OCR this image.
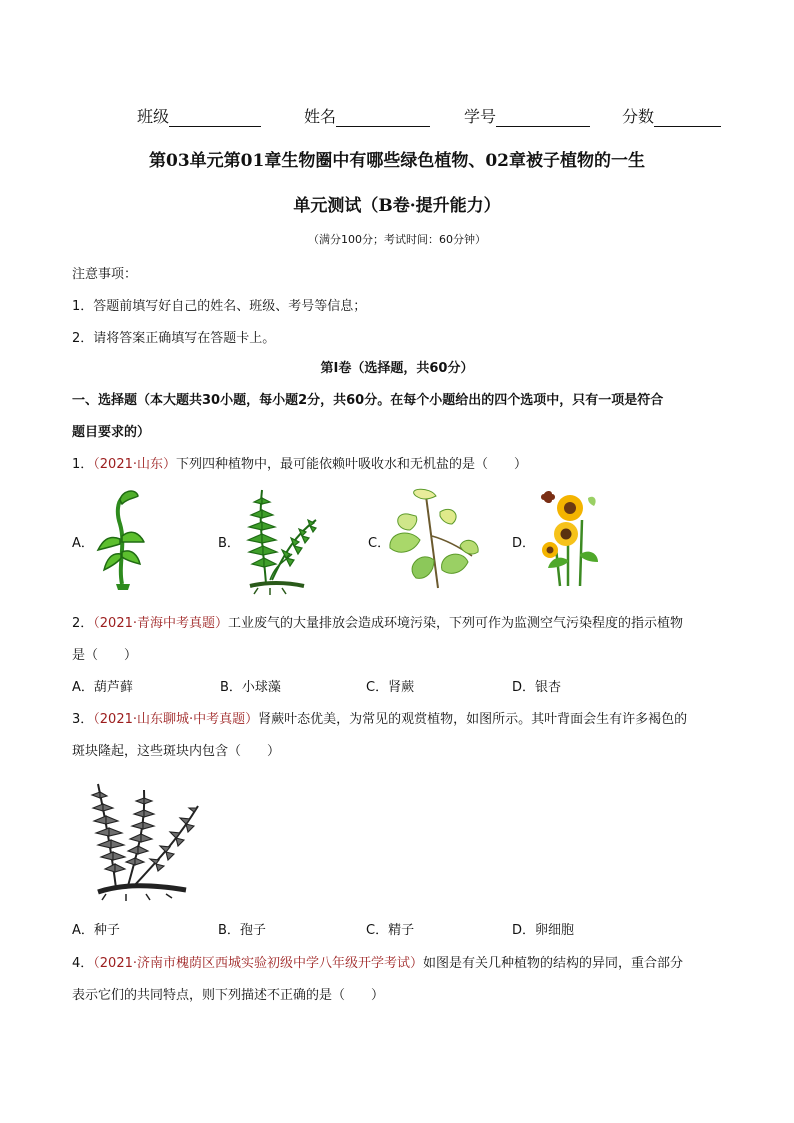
班级	姓名	学号	分数
第03单元第01章生物圈中有哪些绿色植物、02章被子植物的一生
单元测试（B卷·提升能力）
（满分100分；考试时间：60分钟）
注意事项：
1．答题前填写好自己的姓名、班级、考号等信息；
2．请将答案正确填写在答题卡上。
第Ⅰ卷（选择题，共60分）
一、选择题（本大题共30小题，每小题2分，共60分。在每个小题给出的四个选项中，只有一项是符合
题目要求的）
1．（2021·山东）下列四种植物中，最可能依赖叶吸收水和无机盐的是（　　）
A．	B．	C．	D．
2．（2021·青海中考真题）工业废气的大量排放会造成环境污染，下列可作为监测空气污染程度的指示植物
是（　　）
A．葫芦藓	B．小球藻	C．肾蕨	D．银杏
3．（2021·山东聊城·中考真题）肾蕨叶态优美，为常见的观赏植物，如图所示。其叶背面会生有许多褐色的
斑块隆起，这些斑块内包含（　　）
A．种子	B．孢子	C．精子	D．卵细胞
4．（2021·济南市槐荫区西城实验初级中学八年级开学考试）如图是有关几种植物的结构的异同，重合部分
表示它们的共同特点，则下列描述不正确的是（　　）
